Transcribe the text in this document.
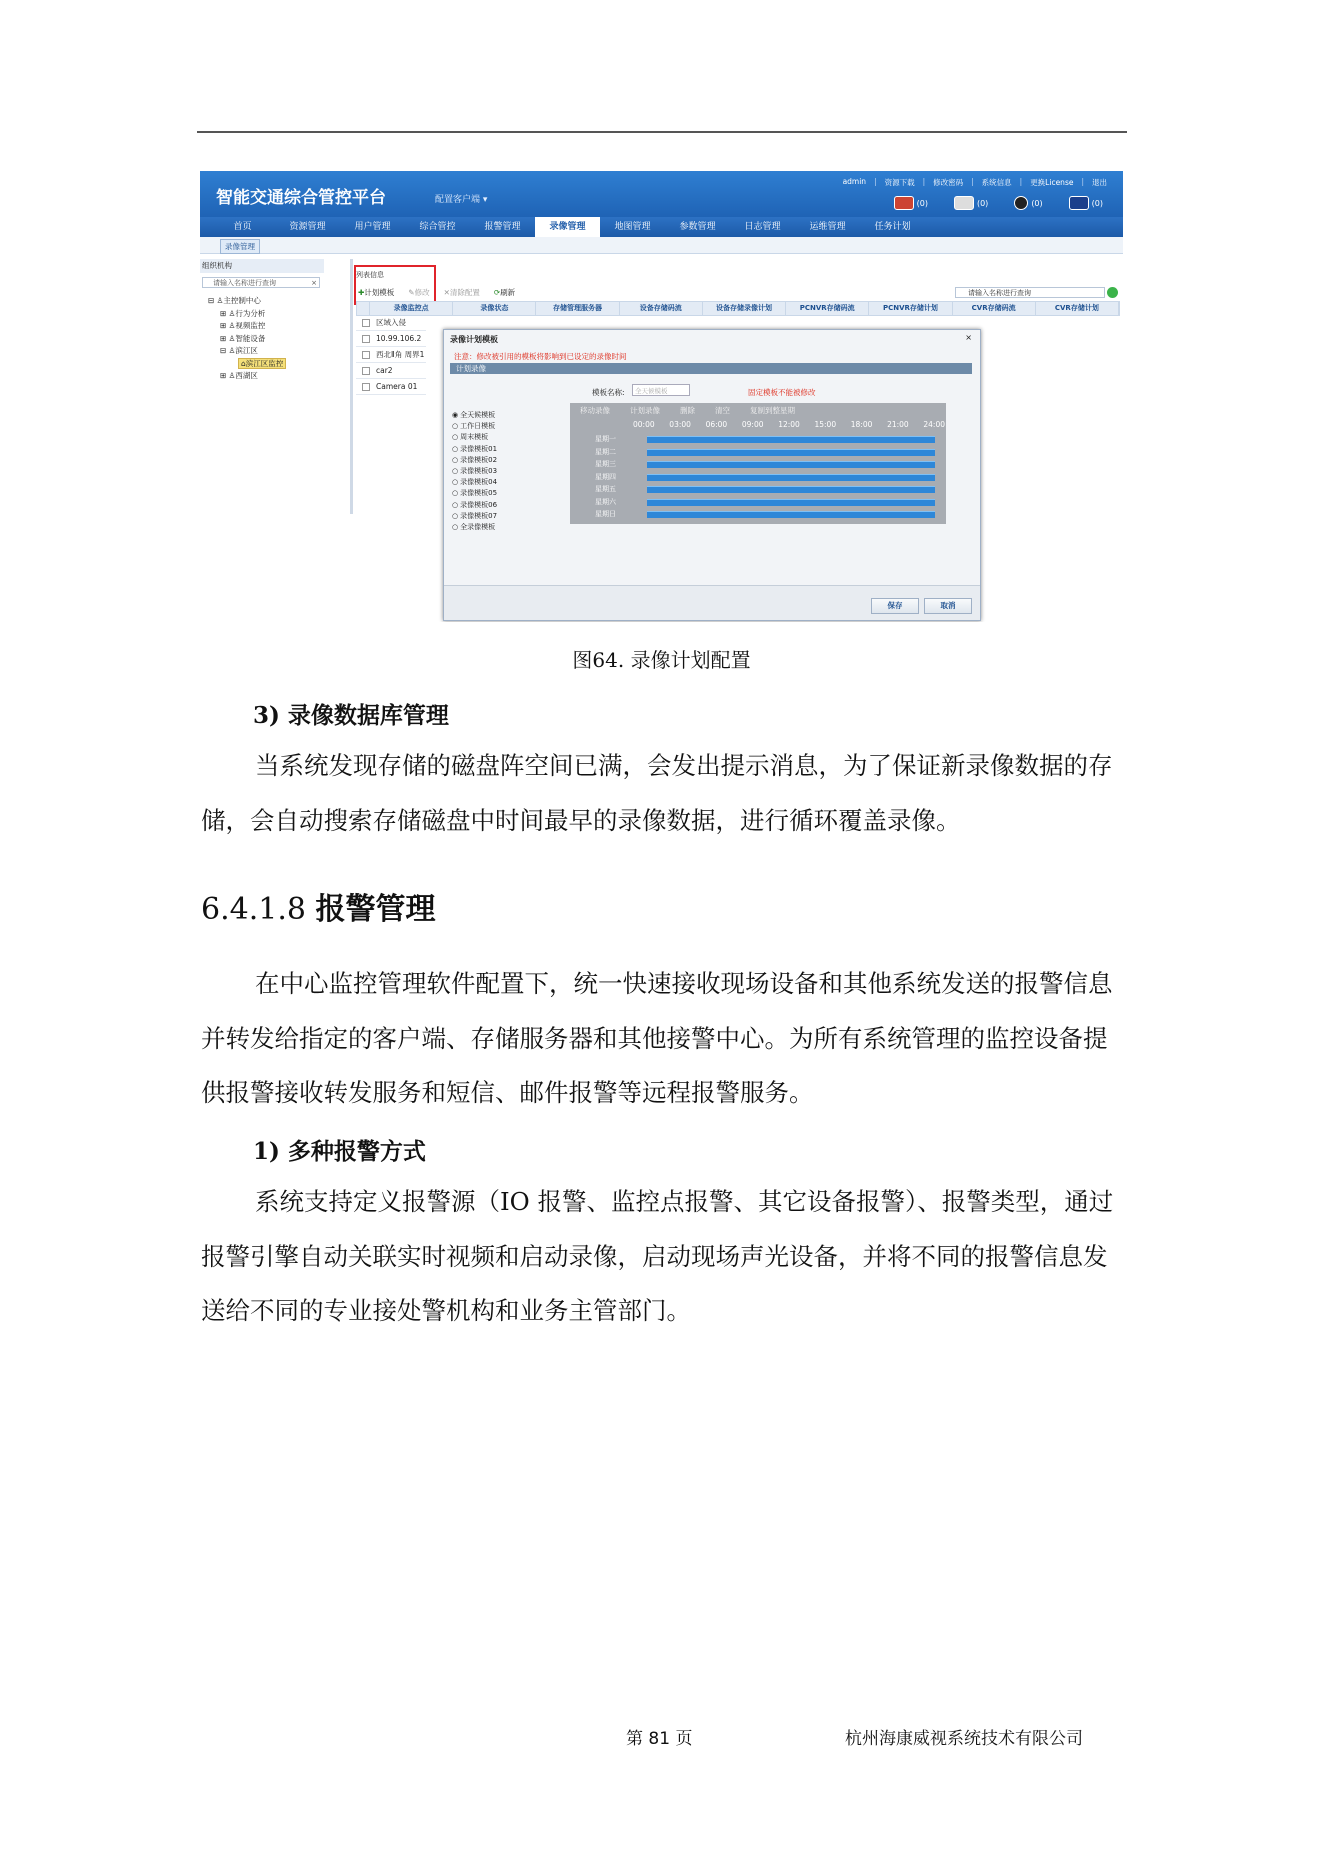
智能交通综合管控平台	配置客户端 ▾
admin | 资源下载 | 修改密码 | 系统信息 | 更换License | 退出
(0)	(0)	(0)	(0)
首页	资源管理	用户管理	综合管控	报警管理	录像管理	地图管理	参数管理	日志管理	运维管理	任务计划
录像管理
组织机构
请输入名称进行查询	×
⊟ ♙主控制中心
⊞ ♙行为分析
⊞ ♙视频监控
⊞ ♙智能设备
⊟ ♙滨江区
⌂滨江区监控
⊞ ♙西湖区
列表信息
✚计划模板 ✎修改 ✕清除配置 ⟳刷新	请输入名称进行查询
录像监控点	录像状态	存储管理服务器	设备存储码流	设备存储录像计划	PCNVR存储码流	PCNVR存储计划	CVR存储码流	CVR存储计划
区域入侵
10.99.106.2
西北Ⅱ角 周界1
car2
Camera 01
录像计划模板	×
注意：修改被引用的模板将影响到已设定的录像时间
计划录像
模板名称:	全天候模板	固定模板不能被修改
◉ 全天候模板
○ 工作日模板
○ 周末模板
○ 录像模板01
○ 录像模板02
○ 录像模板03
○ 录像模板04
○ 录像模板05
○ 录像模板06
○ 录像模板07
○ 全录像模板
移动录像	计划录像	删除	清空	复制到整星期
00:00 03:00 06:00 09:00 12:00 15:00 18:00 21:00 24:00
星期一
星期二
星期三
星期四
星期五
星期六
星期日
保存	取消
图64. 录像计划配置
3) 录像数据库管理
当系统发现存储的磁盘阵空间已满，会发出提示消息，为了保证新录像数据的存储，会自动搜索存储磁盘中时间最早的录像数据，进行循环覆盖录像。
6.4.1.8 报警管理
在中心监控管理软件配置下，统一快速接收现场设备和其他系统发送的报警信息并转发给指定的客户端、存储服务器和其他接警中心。为所有系统管理的监控设备提供报警接收转发服务和短信、邮件报警等远程报警服务。
1) 多种报警方式
系统支持定义报警源（IO 报警、监控点报警、其它设备报警）、报警类型，通过报警引擎自动关联实时视频和启动录像，启动现场声光设备，并将不同的报警信息发送给不同的专业接处警机构和业务主管部门。
第 81 页	杭州海康威视系统技术有限公司
